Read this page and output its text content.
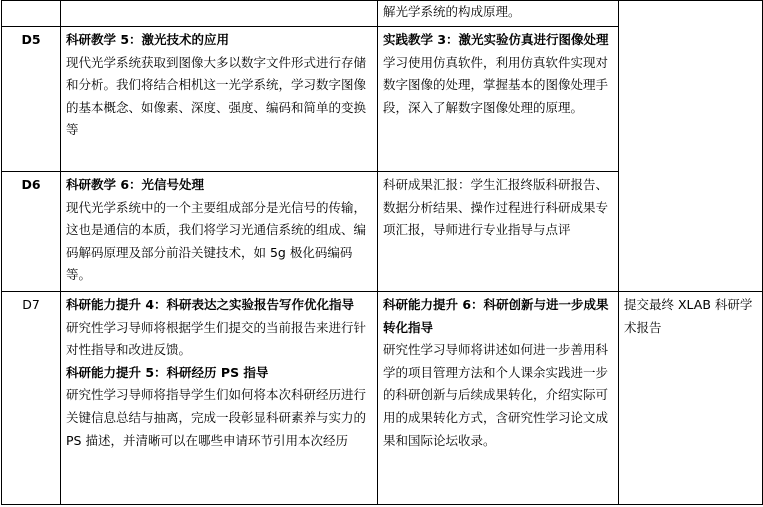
		解光学系统的构成原理。	

D5	科研教学 5：激光技术的应用
现代光学系统获取到图像大多以数字文件形式进行存储和分析。我们将结合相机这一光学系统，学习数字图像的基本概念、如像素、深度、强度、编码和简单的变换等	实践教学 3：激光实验仿真进行图像处理
学习使用仿真软件，利用仿真软件实现对数字图像的处理，掌握基本的图像处理手段，深入了解数字图像处理的原理。	

D6	科研教学 6：光信号处理
现代光学系统中的一个主要组成部分是光信号的传输，这也是通信的本质，我们将学习光通信系统的组成、编码解码原理及部分前沿关键技术，如 5g 极化码编码等。	科研成果汇报：学生汇报终版科研报告、数据分析结果、操作过程进行科研成果专项汇报，导师进行专业指导与点评	

D7	科研能力提升 4：科研表达之实验报告写作优化指导
研究性学习导师将根据学生们提交的当前报告来进行针对性指导和改进反馈。
科研能力提升 5：科研经历 PS 指导
研究性学习导师将指导学生们如何将本次科研经历进行关键信息总结与抽离，完成一段彰显科研素养与实力的 PS 描述，并清晰可以在哪些申请环节引用本次经历	科研能力提升 6：科研创新与进一步成果转化指导
研究性学习导师将讲述如何进一步善用科学的项目管理方法和个人课余实践进一步的科研创新与后续成果转化，介绍实际可用的成果转化方式，含研究性学习论文成果和国际论坛收录。	提交最终 XLAB 科研学术报告
